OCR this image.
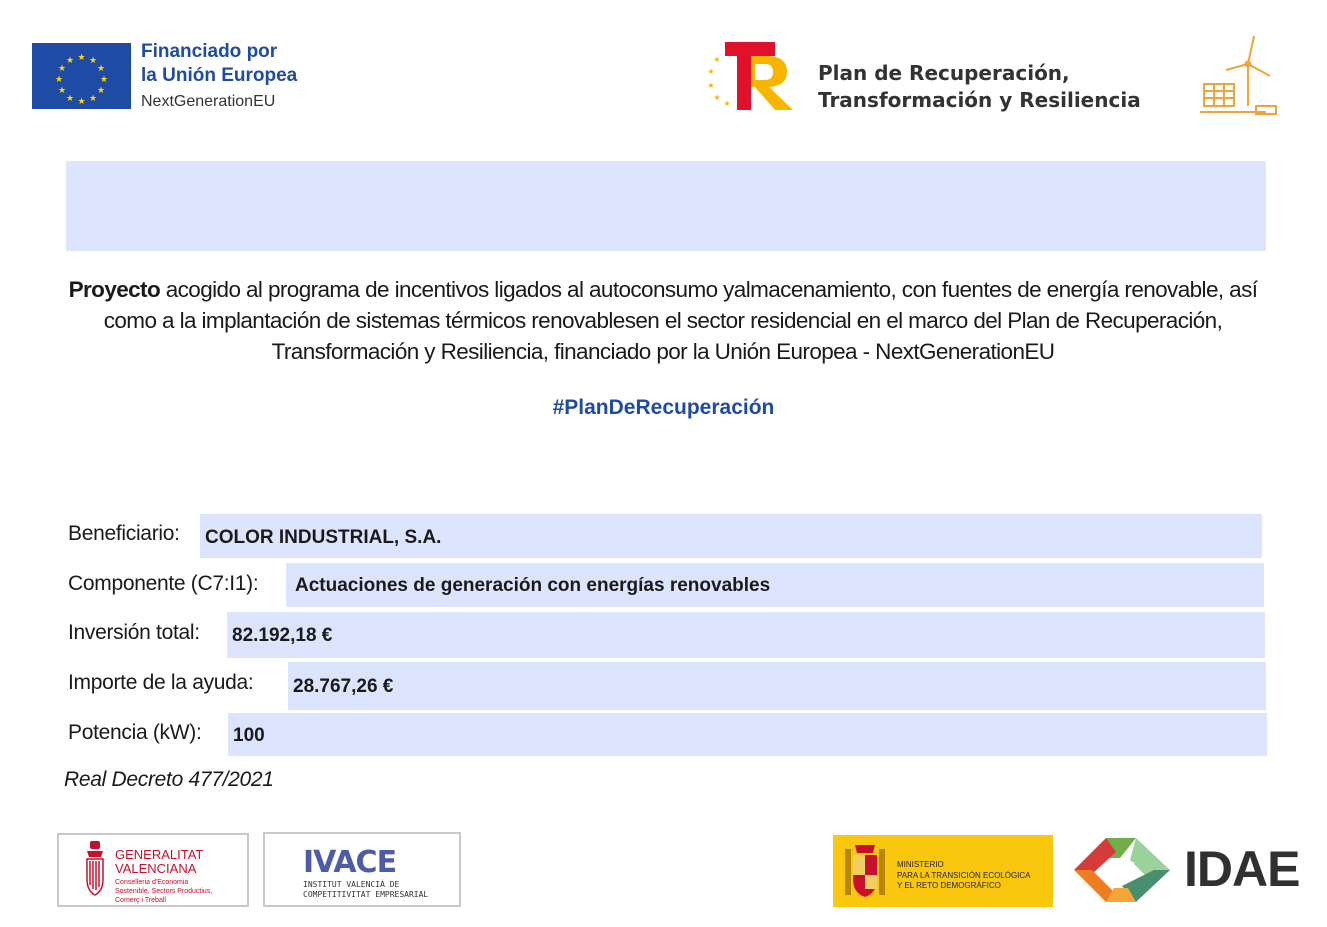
★ ★
★
★
★
★
★
★
★
★
★
★	Financiado por
la Unión Europea
NextGenerationEU
★
★
★
★
★
Plan de Recuperación,
Transformación y Resiliencia
Proyecto acogido al programa de incentivos ligados al autoconsumo yalmacenamiento, con fuentes de energía renovable, así como a la implantación de sistemas térmicos renovablesen el sector residencial en el marco del Plan de Recuperación, Transformación y Resiliencia, financiado por la Unión Europea - NextGenerationEU
#PlanDeRecuperación
Beneficiario: COLOR INDUSTRIAL, S.A.
Componente (C7:I1): Actuaciones de generación con energías renovables
Inversión total: 82.192,18 €
Importe de la ayuda: 28.767,26 €
Potencia (kW): 100
Real Decreto 477/2021
GENERALITAT
VALENCIANA
Conselleria d'Economia
Sostenible, Sectors Productius,
Comerç i Treball
IVACE
INSTITUT VALENCIÀ DE
COMPETITIVITAT EMPRESARIAL
MINISTERIO
PARA LA TRANSICIÓN ECOLÓGICA
Y EL RETO DEMOGRÁFICO	IDAE
